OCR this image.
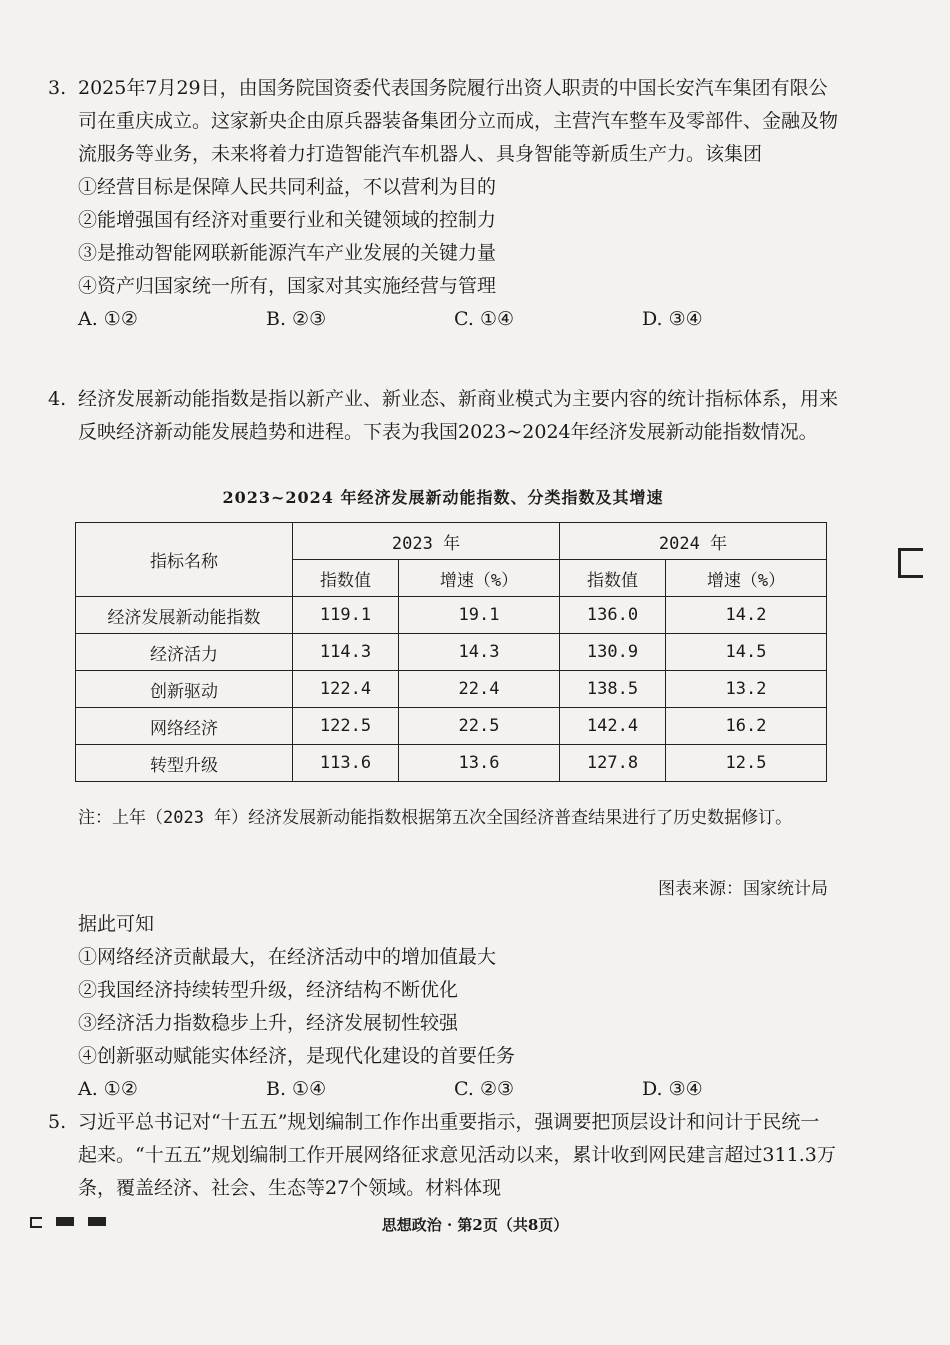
3. 2025年7月29日，由国务院国资委代表国务院履行出资人职责的中国长安汽车集团有限公司在重庆成立。这家新央企由原兵器装备集团分立而成，主营汽车整车及零部件、金融及物流服务等业务，未来将着力打造智能汽车机器人、具身智能等新质生产力。该集团
①经营目标是保障人民共同利益，不以营利为目的
②能增强国有经济对重要行业和关键领域的控制力
③是推动智能网联新能源汽车产业发展的关键力量
④资产归国家统一所有，国家对其实施经营与管理
A. ①②	B. ②③	C. ①④	D. ③④
4. 经济发展新动能指数是指以新产业、新业态、新商业模式为主要内容的统计指标体系，用来反映经济新动能发展趋势和进程。下表为我国2023~2024年经济发展新动能指数情况。
2023~2024 年经济发展新动能指数、分类指数及其增速
指标名称	2023 年		2024 年	
	指数值	增速（%）	指数值	增速（%）
经济发展新动能指数	119.1	19.1	136.0	14.2
经济活力	114.3	14.3	130.9	14.5
创新驱动	122.4	22.4	138.5	13.2
网络经济	122.5	22.5	142.4	16.2
转型升级	113.6	13.6	127.8	12.5
注：上年（2023 年）经济发展新动能指数根据第五次全国经济普查结果进行了历史数据修订。
图表来源：国家统计局
据此可知
①网络经济贡献最大，在经济活动中的增加值最大
②我国经济持续转型升级，经济结构不断优化
③经济活力指数稳步上升，经济发展韧性较强
④创新驱动赋能实体经济，是现代化建设的首要任务
A. ①②	B. ①④	C. ②③	D. ③④
5. 习近平总书记对“十五五”规划编制工作作出重要指示，强调要把顶层设计和问计于民统一起来。“十五五”规划编制工作开展网络征求意见活动以来，累计收到网民建言超过311.3万条，覆盖经济、社会、生态等27个领域。材料体现
思想政治 · 第2页（共8页）
